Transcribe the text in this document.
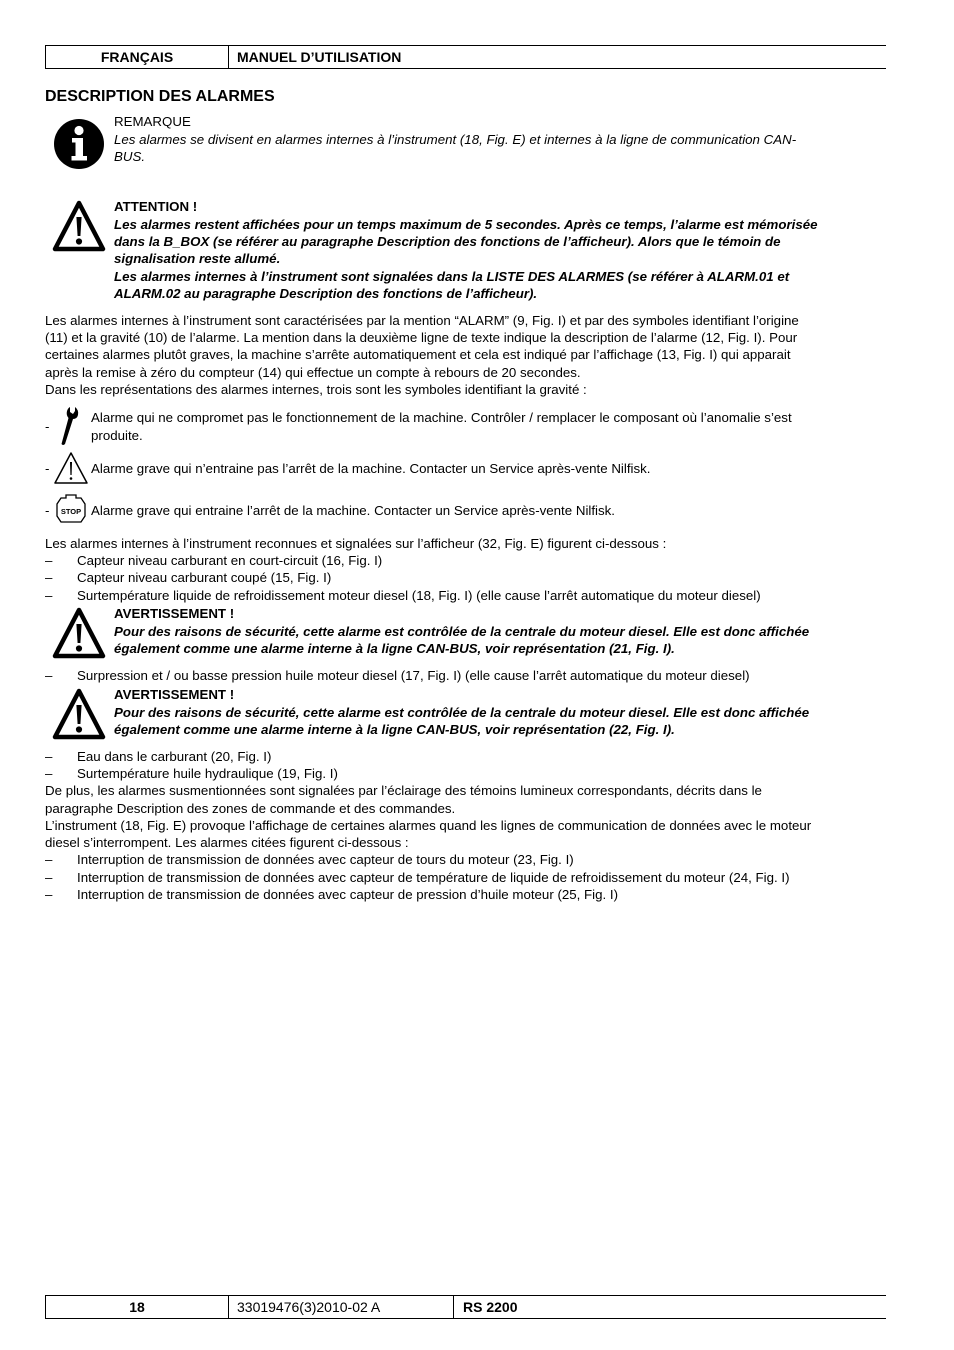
FRANÇAIS	MANUEL D’UTILISATION
DESCRIPTION DES ALARMES
REMARQUE
Les alarmes se divisent en alarmes internes à l’instrument (18, Fig. E) et internes à la ligne de communication CAN-
BUS.
ATTENTION !
Les alarmes restent affichées pour un temps maximum de 5 secondes. Après ce temps, l’alarme est mémorisée
dans la B_BOX (se référer au paragraphe Description des fonctions de l’afficheur). Alors que le témoin de
signalisation reste allumé.
Les alarmes internes à l’instrument sont signalées dans la LISTE DES ALARMES (se référer à ALARM.01 et
ALARM.02 au paragraphe Description des fonctions de l’afficheur).
Les alarmes internes à l’instrument sont caractérisées par la mention “ALARM” (9, Fig. I) et par des symboles identifiant l’origine
(11) et la gravité (10) de l’alarme. La mention dans la deuxième ligne de texte indique la description de l’alarme (12, Fig. I). Pour
certaines alarmes plutôt graves, la machine s’arrête automatiquement et cela est indiqué par l’affichage (13, Fig. I) qui apparait
après la remise à zéro du compteur (14) qui effectue un compte à rebours de 20 secondes.
Dans les représentations des alarmes internes, trois sont les symboles identifiant la gravité :
-
Alarme qui ne compromet pas le fonctionnement de la machine. Contrôler / remplacer le composant où l’anomalie s’est
produite.
-	Alarme grave qui n’entraine pas l’arrêt de la machine. Contacter un Service après-vente Nilfisk.
- STOP Alarme grave qui entraine l’arrêt de la machine. Contacter un Service après-vente Nilfisk.
Les alarmes internes à l’instrument reconnues et signalées sur l’afficheur (32, Fig. E) figurent ci-dessous :
– Capteur niveau carburant en court-circuit (16, Fig. I)
– Capteur niveau carburant coupé (15, Fig. I)
– Surtempérature liquide de refroidissement moteur diesel (18, Fig. I) (elle cause l’arrêt automatique du moteur diesel)
AVERTISSEMENT !
Pour des raisons de sécurité, cette alarme est contrôlée de la centrale du moteur diesel. Elle est donc affichée
également comme une alarme interne à la ligne CAN-BUS, voir représentation (21, Fig. I).
– Surpression et / ou basse pression huile moteur diesel (17, Fig. I) (elle cause l’arrêt automatique du moteur diesel)
AVERTISSEMENT !
Pour des raisons de sécurité, cette alarme est contrôlée de la centrale du moteur diesel. Elle est donc affichée
également comme une alarme interne à la ligne CAN-BUS, voir représentation (22, Fig. I).
– Eau dans le carburant (20, Fig. I)
– Surtempérature huile hydraulique (19, Fig. I)
De plus, les alarmes susmentionnées sont signalées par l’éclairage des témoins lumineux correspondants, décrits dans le
paragraphe Description des zones de commande et des commandes.
L’instrument (18, Fig. E) provoque l’affichage de certaines alarmes quand les lignes de communication de données avec le moteur
diesel s’interrompent. Les alarmes citées figurent ci-dessous :
– Interruption de transmission de données avec capteur de tours du moteur (23, Fig. I)
– Interruption de transmission de données avec capteur de température de liquide de refroidissement du moteur (24, Fig. I)
– Interruption de transmission de données avec capteur de pression d’huile moteur (25, Fig. I)
18	33019476(3)2010-02 A	RS 2200
